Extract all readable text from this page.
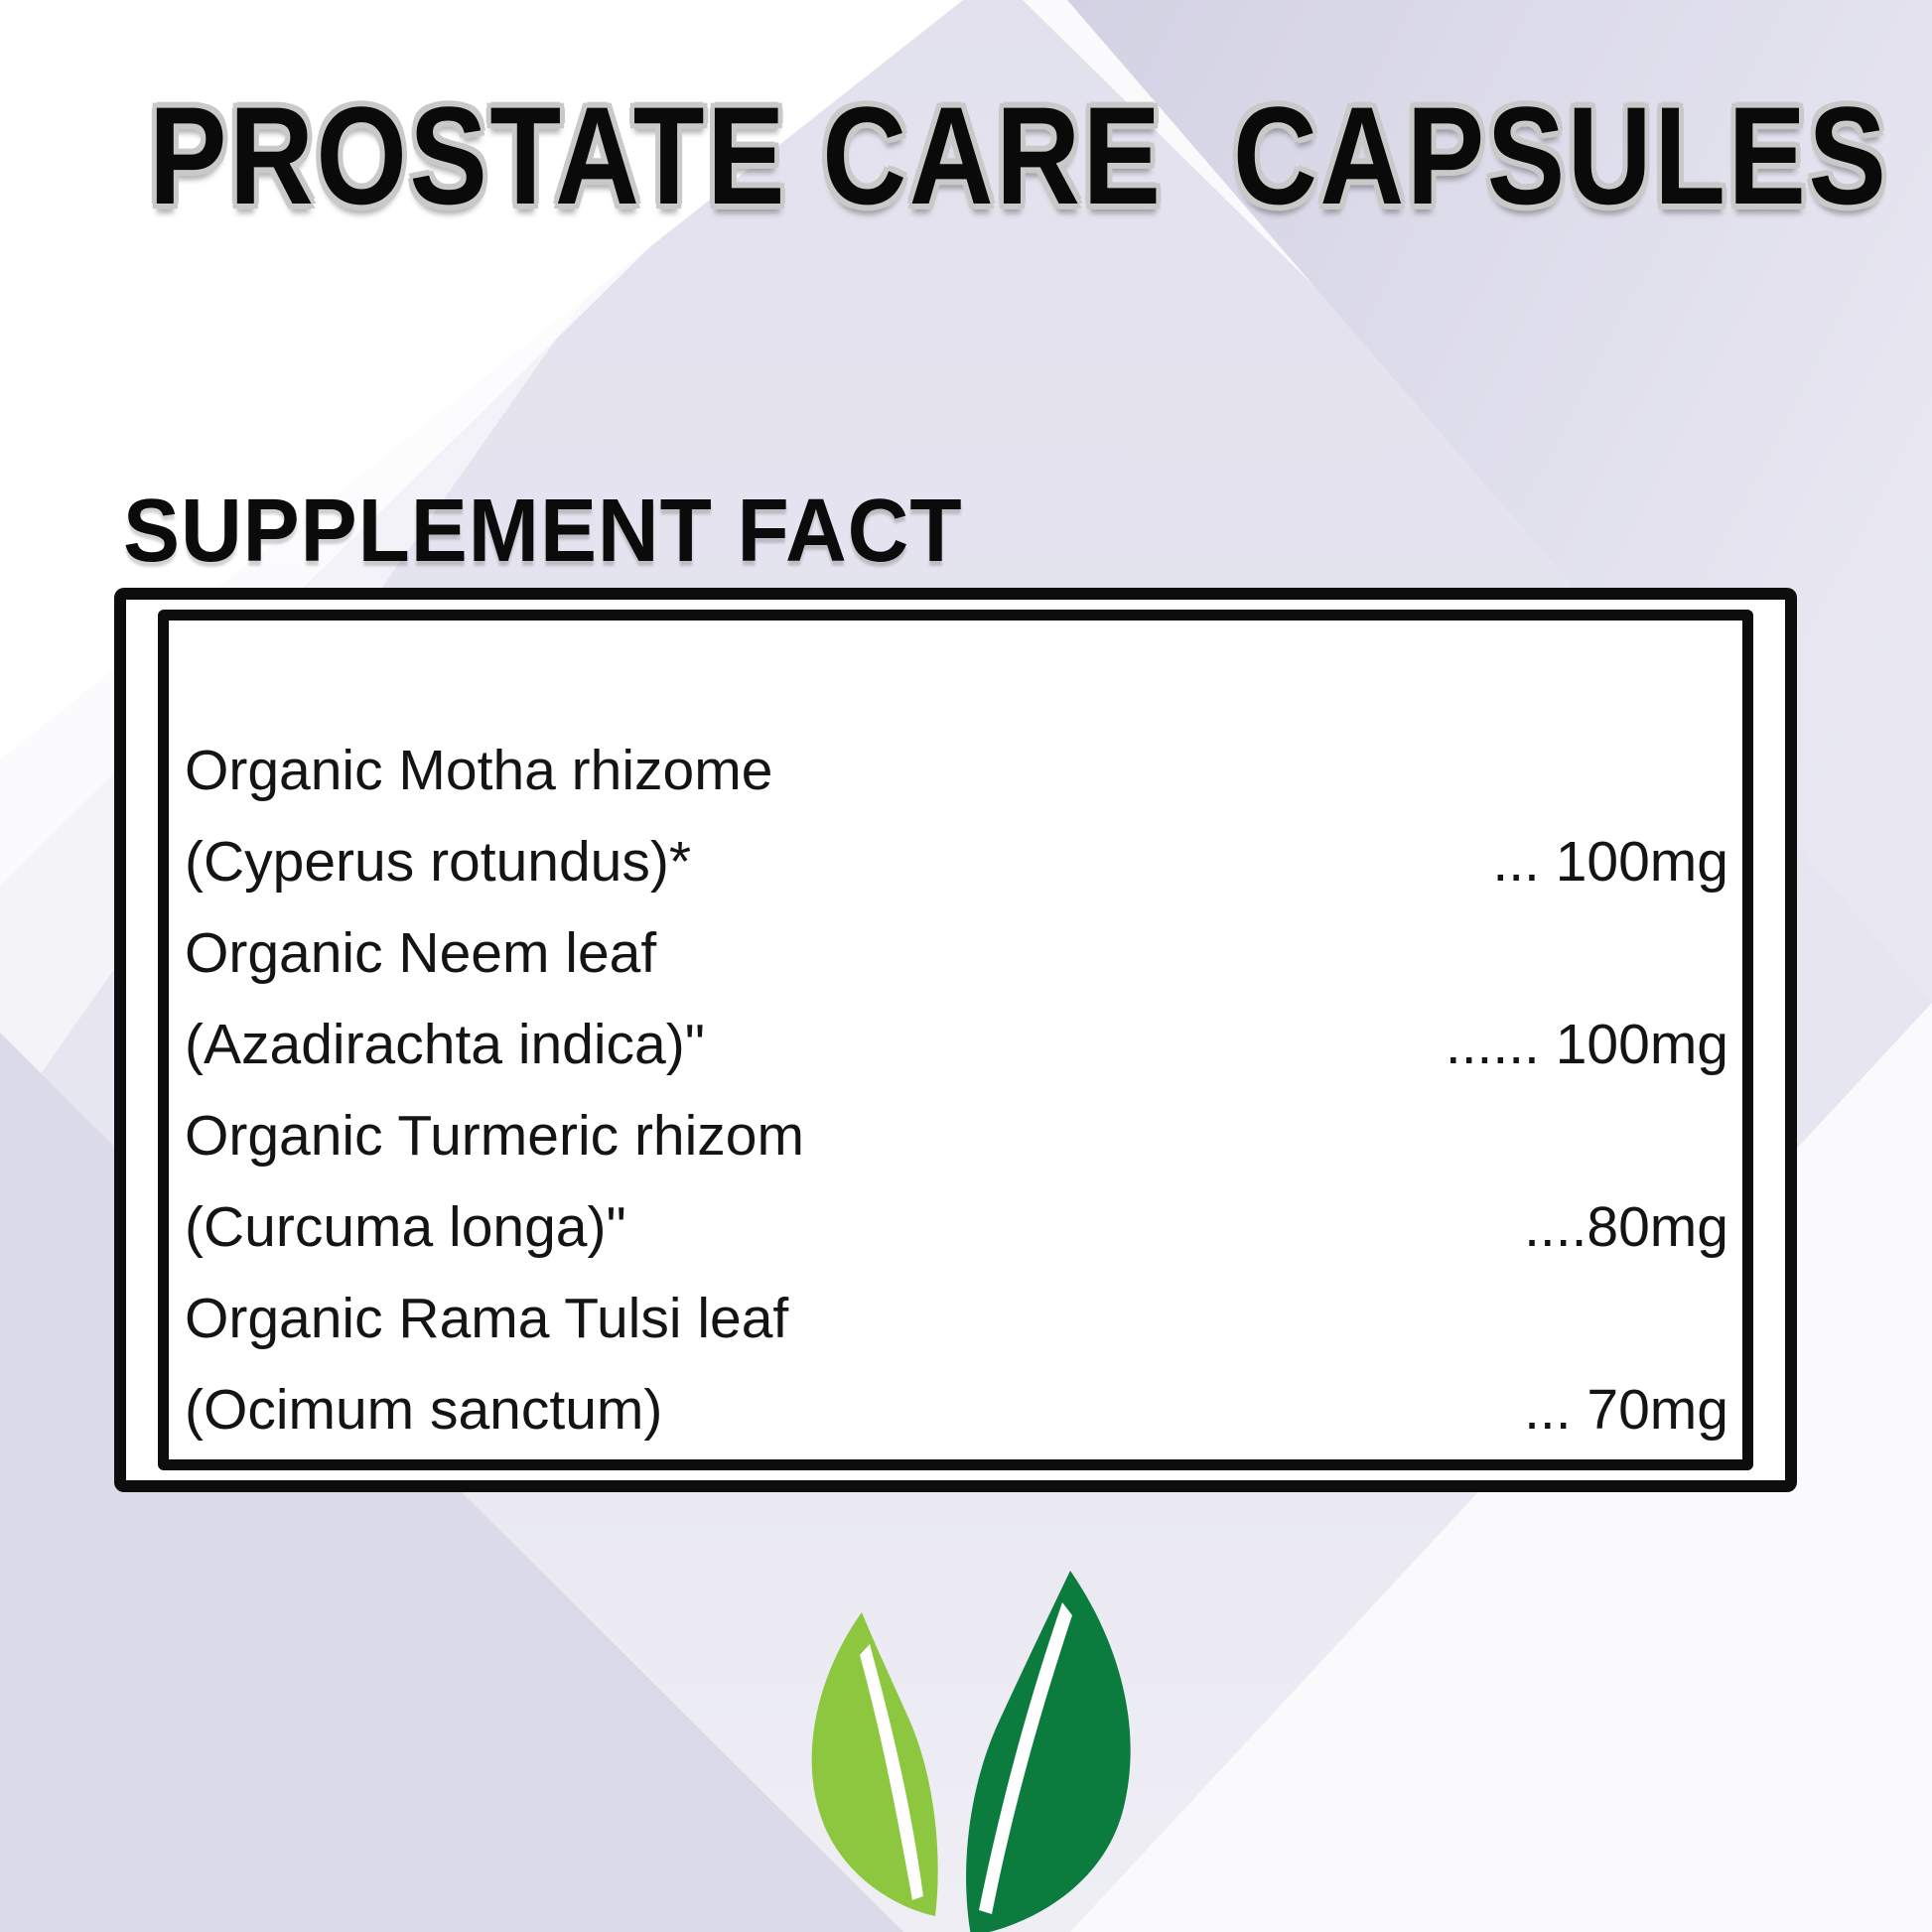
PROSTATE CARE  CAPSULES

SUPPLEMENT FACT

Organic Motha rhizome
(Cyperus rotundus)*	... 100mg
Organic Neem leaf
(Azadirachta indica)"	...... 100mg
Organic Turmeric rhizom
(Curcuma longa)"	....80mg
Organic Rama Tulsi leaf
(Ocimum sanctum)	... 70mg
